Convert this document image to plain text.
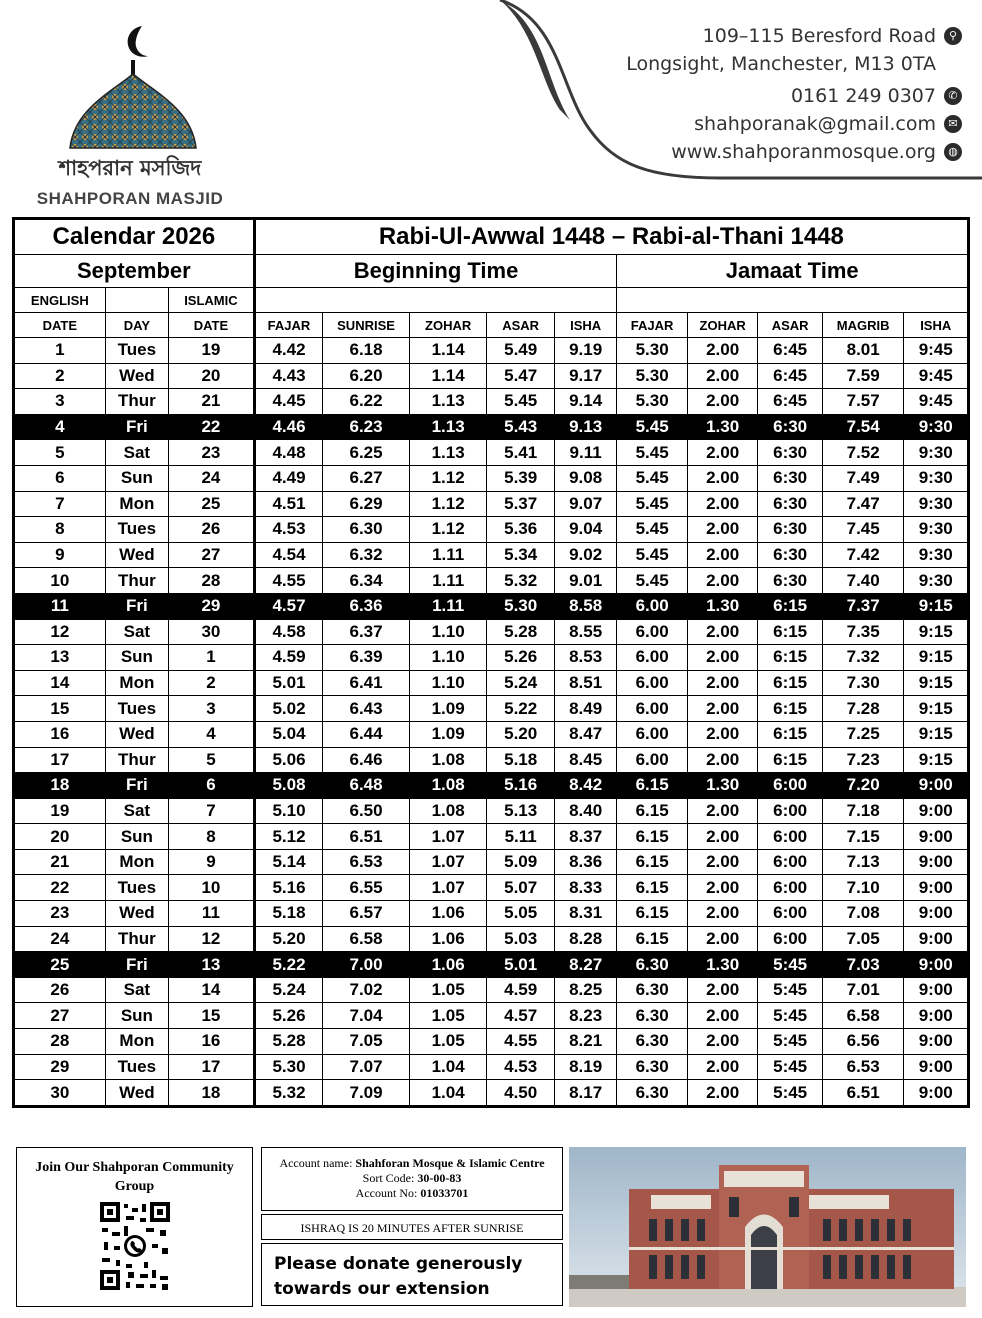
শাহপরান মসজিদ
SHAHPORAN MASJID
109–115 Beresford Road	⚲
Longsight, Manchester, M13 0TA
0161 249 0307	✆
shahporanak@gmail.com	✉
www.shahporanmosque.org	◍
Calendar 2026			Rabi-Ul-Awwal 1448 – Rabi-al-Thani 1448									
September			Beginning Time					Jamaat Time				
ENGLISH		ISLAMIC										
DATE	DAY	DATE	FAJAR	SUNRISE	ZOHAR	ASAR	ISHA	FAJAR	ZOHAR	ASAR	MAGRIB	ISHA
1	Tues	19	4.42	6.18	1.14	5.49	9.19	5.30	2.00	6:45	8.01	9:45
2	Wed	20	4.43	6.20	1.14	5.47	9.17	5.30	2.00	6:45	7.59	9:45
3	Thur	21	4.45	6.22	1.13	5.45	9.14	5.30	2.00	6:45	7.57	9:45
4	Fri	22	4.46	6.23	1.13	5.43	9.13	5.45	1.30	6:30	7.54	9:30
5	Sat	23	4.48	6.25	1.13	5.41	9.11	5.45	2.00	6:30	7.52	9:30
6	Sun	24	4.49	6.27	1.12	5.39	9.08	5.45	2.00	6:30	7.49	9:30
7	Mon	25	4.51	6.29	1.12	5.37	9.07	5.45	2.00	6:30	7.47	9:30
8	Tues	26	4.53	6.30	1.12	5.36	9.04	5.45	2.00	6:30	7.45	9:30
9	Wed	27	4.54	6.32	1.11	5.34	9.02	5.45	2.00	6:30	7.42	9:30
10	Thur	28	4.55	6.34	1.11	5.32	9.01	5.45	2.00	6:30	7.40	9:30
11	Fri	29	4.57	6.36	1.11	5.30	8.58	6.00	1.30	6:15	7.37	9:15
12	Sat	30	4.58	6.37	1.10	5.28	8.55	6.00	2.00	6:15	7.35	9:15
13	Sun	1	4.59	6.39	1.10	5.26	8.53	6.00	2.00	6:15	7.32	9:15
14	Mon	2	5.01	6.41	1.10	5.24	8.51	6.00	2.00	6:15	7.30	9:15
15	Tues	3	5.02	6.43	1.09	5.22	8.49	6.00	2.00	6:15	7.28	9:15
16	Wed	4	5.04	6.44	1.09	5.20	8.47	6.00	2.00	6:15	7.25	9:15
17	Thur	5	5.06	6.46	1.08	5.18	8.45	6.00	2.00	6:15	7.23	9:15
18	Fri	6	5.08	6.48	1.08	5.16	8.42	6.15	1.30	6:00	7.20	9:00
19	Sat	7	5.10	6.50	1.08	5.13	8.40	6.15	2.00	6:00	7.18	9:00
20	Sun	8	5.12	6.51	1.07	5.11	8.37	6.15	2.00	6:00	7.15	9:00
21	Mon	9	5.14	6.53	1.07	5.09	8.36	6.15	2.00	6:00	7.13	9:00
22	Tues	10	5.16	6.55	1.07	5.07	8.33	6.15	2.00	6:00	7.10	9:00
23	Wed	11	5.18	6.57	1.06	5.05	8.31	6.15	2.00	6:00	7.08	9:00
24	Thur	12	5.20	6.58	1.06	5.03	8.28	6.15	2.00	6:00	7.05	9:00
25	Fri	13	5.22	7.00	1.06	5.01	8.27	6.30	1.30	5:45	7.03	9:00
26	Sat	14	5.24	7.02	1.05	4.59	8.25	6.30	2.00	5:45	7.01	9:00
27	Sun	15	5.26	7.04	1.05	4.57	8.23	6.30	2.00	5:45	6.58	9:00
28	Mon	16	5.28	7.05	1.05	4.55	8.21	6.30	2.00	5:45	6.56	9:00
29	Tues	17	5.30	7.07	1.04	4.53	8.19	6.30	2.00	5:45	6.53	9:00
30	Wed	18	5.32	7.09	1.04	4.50	8.17	6.30	2.00	5:45	6.51	9:00
Join Our Shahporan Community Group
Account name: Shahforan Mosque & Islamic Centre
Sort Code: 30-00-83
Account No: 01033701
ISHRAQ IS 20 MINUTES AFTER SUNRISE
Please donate generously
towards our extension
